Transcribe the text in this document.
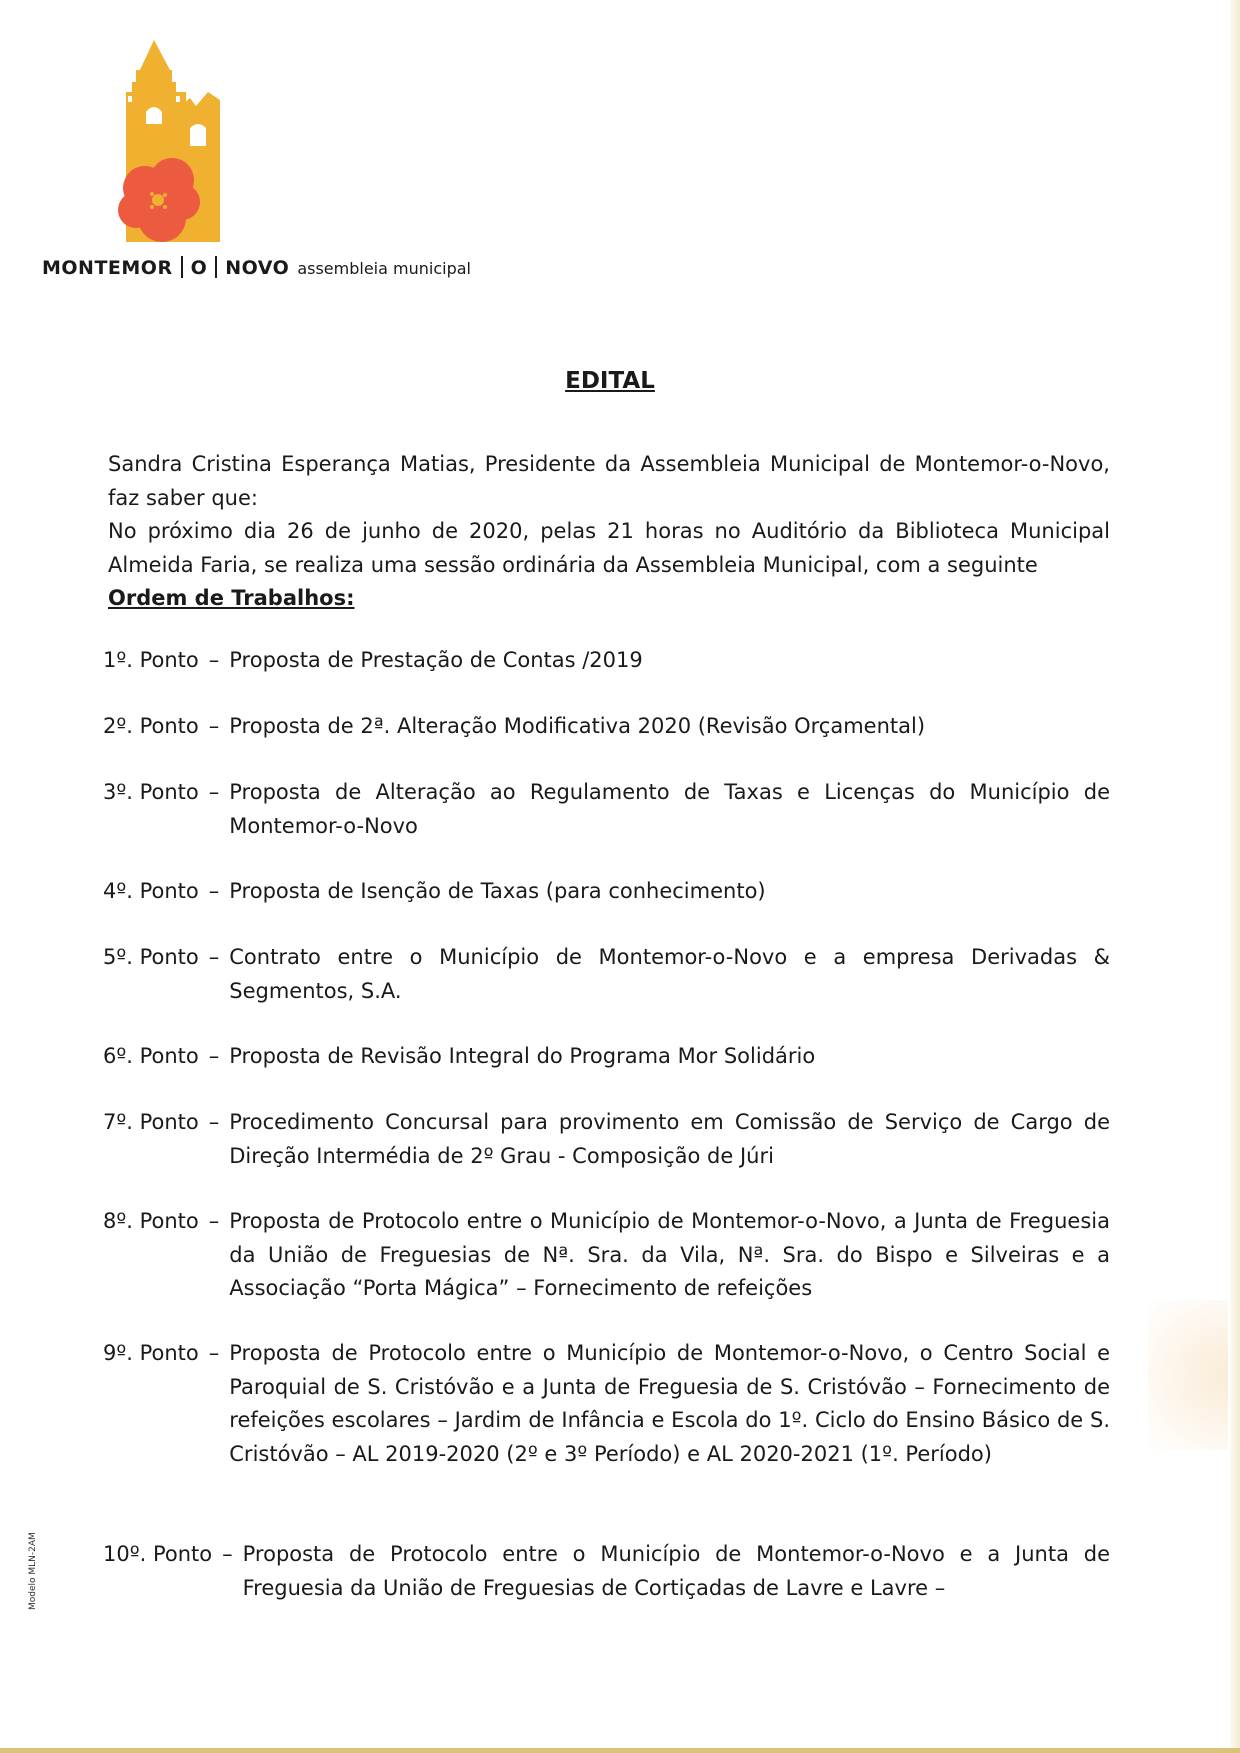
MONTEMOR O NOVO assembleia municipal
EDITAL

Sandra Cristina Esperança Matias, Presidente da Assembleia Municipal de Montemor-o-Novo, faz saber que:

No próximo dia 26 de junho de 2020, pelas 21 horas no Auditório da Biblioteca Municipal Almeida Faria, se realiza uma sessão ordinária da Assembleia Municipal, com a seguinte

Ordem de Trabalhos:

1º. Ponto – Proposta de Prestação de Contas /2019
2º. Ponto – Proposta de 2ª. Alteração Modificativa 2020 (Revisão Orçamental)
3º. Ponto – Proposta de Alteração ao Regulamento de Taxas e Licenças do Município de Montemor-o-Novo
4º. Ponto – Proposta de Isenção de Taxas (para conhecimento)
5º. Ponto – Contrato entre o Município de Montemor-o-Novo e a empresa Derivadas & Segmentos, S.A.
6º. Ponto – Proposta de Revisão Integral do Programa Mor Solidário
7º. Ponto – Procedimento Concursal para provimento em Comissão de Serviço de Cargo de Direção Intermédia de 2º Grau - Composição de Júri
8º. Ponto – Proposta de Protocolo entre o Município de Montemor-o-Novo, a Junta de Freguesia da União de Freguesias de Nª. Sra. da Vila, Nª. Sra. do Bispo e Silveiras e a Associação “Porta Mágica” – Fornecimento de refeições
9º. Ponto – Proposta de Protocolo entre o Município de Montemor-o-Novo, o Centro Social e Paroquial de S. Cristóvão e a Junta de Freguesia de S. Cristóvão – Fornecimento de refeições escolares – Jardim de Infância e Escola do 1º. Ciclo do Ensino Básico de S. Cristóvão – AL 2019-2020 (2º e 3º Período) e AL 2020-2021 (1º. Período)
10º. Ponto – Proposta de Protocolo entre o Município de Montemor-o-Novo e a Junta de Freguesia da União de Freguesias de Cortiçadas de Lavre e Lavre –
Modelo MLN-2AM
